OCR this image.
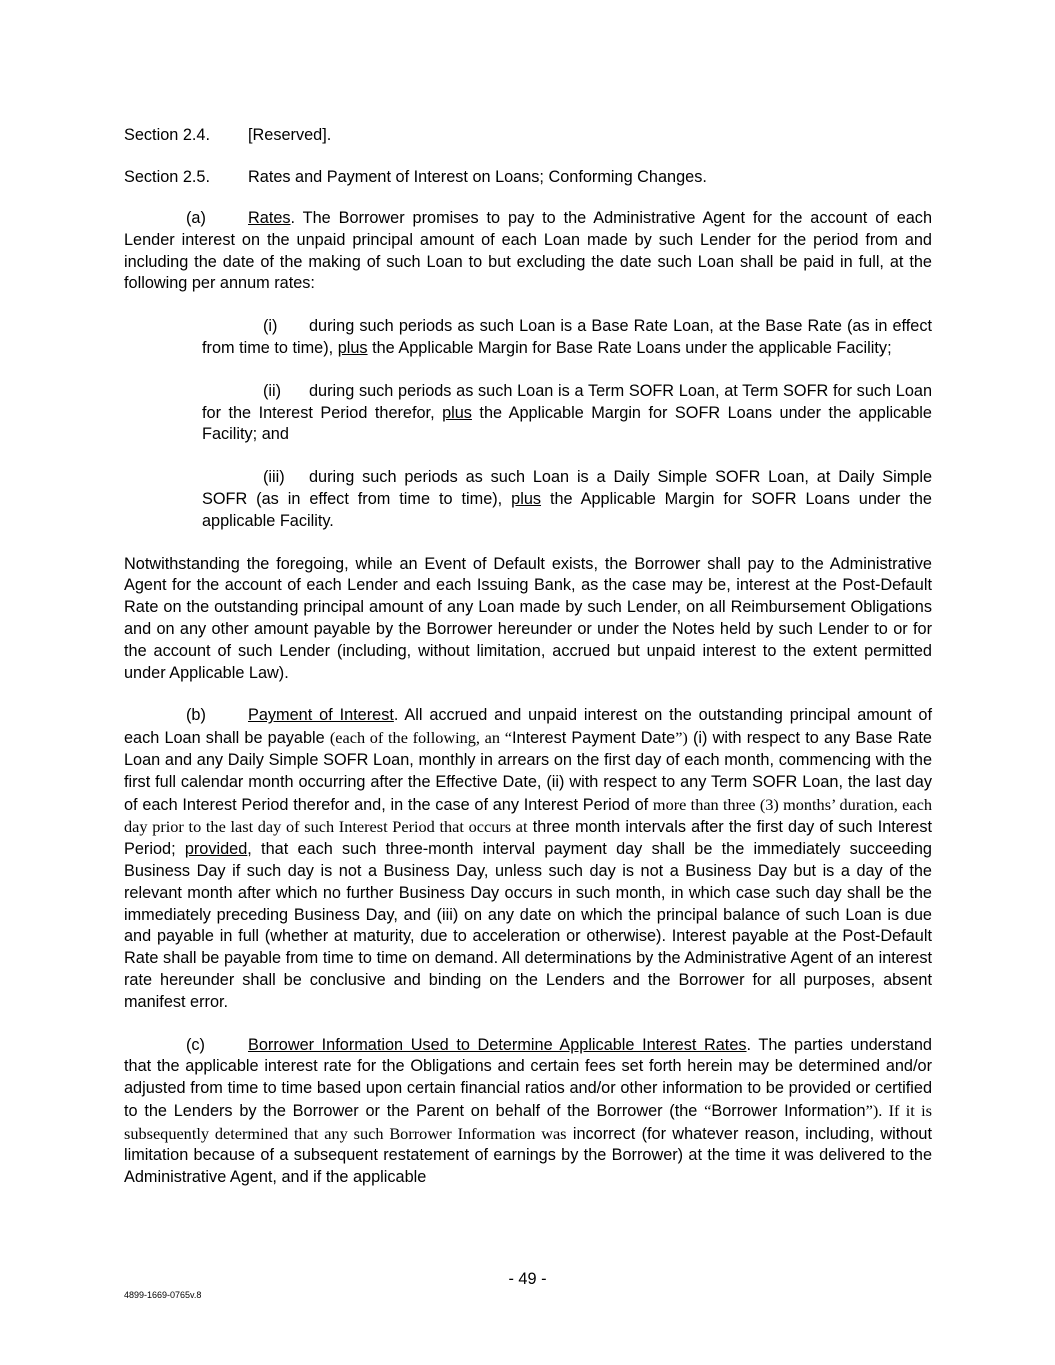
Section 2.4.	[Reserved].
Section 2.5.	Rates and Payment of Interest on Loans; Conforming Changes.

(a)	Rates. The Borrower promises to pay to the Administrative Agent for the account of each Lender interest on the unpaid principal amount of each Loan made by such Lender for the period from and including the date of the making of such Loan to but excluding the date such Loan shall be paid in full, at the following per annum rates:

(i) during such periods as such Loan is a Base Rate Loan, at the Base Rate (as in effect from time to time), plus the Applicable Margin for Base Rate Loans under the applicable Facility;

(ii) during such periods as such Loan is a Term SOFR Loan, at Term SOFR for such Loan for the Interest Period therefor, plus the Applicable Margin for SOFR Loans under the applicable Facility; and

(iii) during such periods as such Loan is a Daily Simple SOFR Loan, at Daily Simple SOFR (as in effect from time to time), plus the Applicable Margin for SOFR Loans under the applicable Facility.

Notwithstanding the foregoing, while an Event of Default exists, the Borrower shall pay to the Administrative Agent for the account of each Lender and each Issuing Bank, as the case may be, interest at the Post-Default Rate on the outstanding principal amount of any Loan made by such Lender, on all Reimbursement Obligations and on any other amount payable by the Borrower hereunder or under the Notes held by such Lender to or for the account of such Lender (including, without limitation, accrued but unpaid interest to the extent permitted under Applicable Law).

(b)	Payment of Interest. All accrued and unpaid interest on the outstanding principal amount of each Loan shall be payable (each of the following, an “Interest Payment Date”) (i) with respect to any Base Rate Loan and any Daily Simple SOFR Loan, monthly in arrears on the first day of each month, commencing with the first full calendar month occurring after the Effective Date, (ii) with respect to any Term SOFR Loan, the last day of each Interest Period therefor and, in the case of any Interest Period of more than three (3) months’ duration, each day prior to the last day of such Interest Period that occurs at three month intervals after the first day of such Interest Period; provided, that each such three-month interval payment day shall be the immediately succeeding Business Day if such day is not a Business Day, unless such day is not a Business Day but is a day of the relevant month after which no further Business Day occurs in such month, in which case such day shall be the immediately preceding Business Day, and (iii) on any date on which the principal balance of such Loan is due and payable in full (whether at maturity, due to acceleration or otherwise). Interest payable at the Post-Default Rate shall be payable from time to time on demand. All determinations by the Administrative Agent of an interest rate hereunder shall be conclusive and binding on the Lenders and the Borrower for all purposes, absent manifest error.

(c)	Borrower Information Used to Determine Applicable Interest Rates. The parties understand that the applicable interest rate for the Obligations and certain fees set forth herein may be determined and/or adjusted from time to time based upon certain financial ratios and/or other information to be provided or certified to the Lenders by the Borrower or the Parent on behalf of the Borrower (the “Borrower Information”). If it is subsequently determined that any such Borrower Information was incorrect (for whatever reason, including, without limitation because of a subsequent restatement of earnings by the Borrower) at the time it was delivered to the Administrative Agent, and if the applicable

- 49 -
4899-1669-0765v.8
